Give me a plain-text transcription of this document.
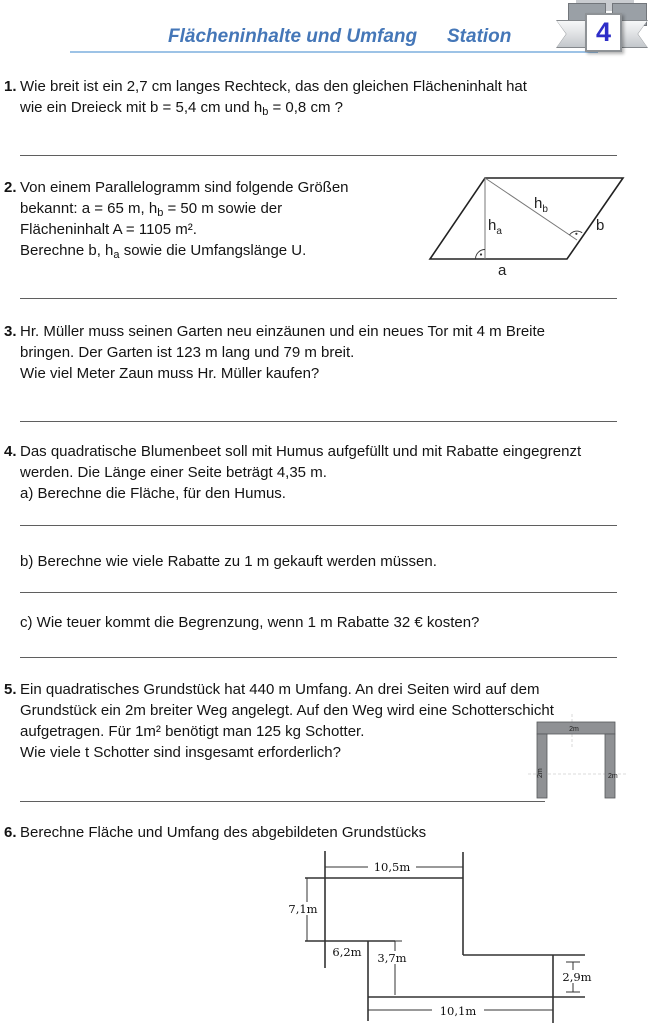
Flächeninhalte und Umfang Station	4
1. Wie breit ist ein 2,7 cm langes Rechteck, das den gleichen Flächeninhalt hat
wie ein Dreieck mit b = 5,4 cm und $h_b = 0,8$ cm ?
2. Von einem Parallelogramm sind folgende Größen
bekannt: a = 65 m, $h_b = 50$ m sowie der
Flächeninhalt A = 1105 m².
Berechne b, $h_a$ sowie die Umfangslänge U.
$h_a$
$h_b$
b
a
3. Hr. Müller muss seinen Garten neu einzäunen und ein neues Tor mit 4 m Breite
bringen. Der Garten ist 123 m lang und 79 m breit.
Wie viel Meter Zaun muss Hr. Müller kaufen?
4. Das quadratische Blumenbeet soll mit Humus aufgefüllt und mit Rabatte eingegrenzt
werden. Die Länge einer Seite beträgt 4,35 m.
a) Berechne die Fläche, für den Humus.
b) Berechne wie viele Rabatte zu 1 m gekauft werden müssen.
c) Wie teuer kommt die Begrenzung, wenn 1 m Rabatte 32 € kosten?
5. Ein quadratisches Grundstück hat 440 m Umfang. An drei Seiten wird auf dem
Grundstück ein 2m breiter Weg angelegt. Auf den Weg wird eine Schotterschicht
aufgetragen. Für 1m² benötigt man 125 kg Schotter.
Wie viele t Schotter sind insgesamt erforderlich?
2m
2m
2m
6. Berechne Fläche und Umfang des abgebildeten Grundstücks
10,5m
7,1m
6,2m 3,7m
2,9m
10,1m
